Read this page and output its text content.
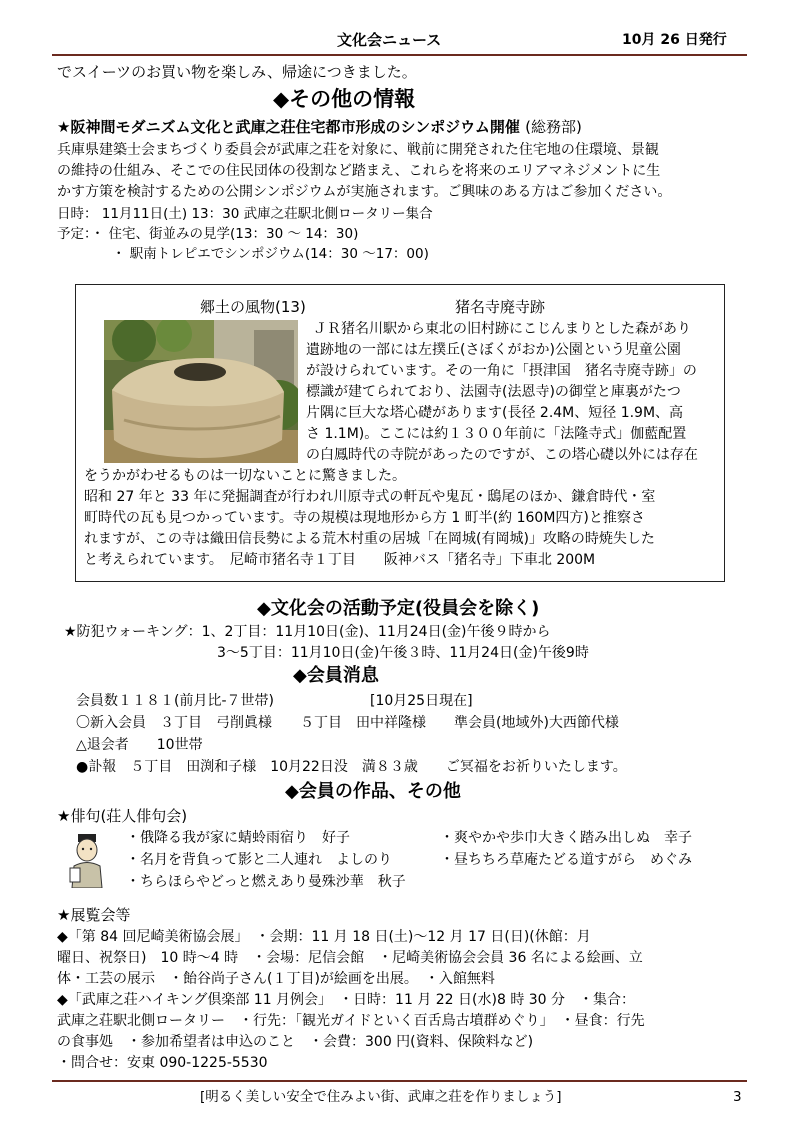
文化会ニュース	10月 26 日発行
でスイーツのお買い物を楽しみ、帰途につきました。
◆その他の情報
★阪神間モダニズム文化と武庫之荘住宅都市形成のシンポジウム開催 (総務部)
兵庫県建築士会まちづくり委員会が武庫之荘を対象に、戦前に開発された住宅地の住環境、景観
の維持の仕組み、そこでの住民団体の役割など踏まえ、これらを将来のエリアマネジメントに生
かす方策を検討するための公開シンポジウムが実施されます。ご興味のある方はご参加ください。
日時： 11月11日(土) 13：30 武庫之荘駅北側ロータリー集合
予定：・ 住宅、街並みの見学(13：30 ～ 14：30)
・ 駅南トレピエでシンポジウム(14：30 ～17：00)
郷土の風物(13)	猪名寺廃寺跡
ＪＲ猪名川駅から東北の旧村跡にこじんまりとした森があり
遺跡地の一部には左撲丘(さぼくがおか)公園という児童公園
が設けられています。その一角に「摂津国　猪名寺廃寺跡」の
標識が建てられており、法園寺(法恩寺)の御堂と庫裏がたつ
片隅に巨大な塔心礎があります(長径 2.4M、短径 1.9M、高
さ 1.1M)。ここには約１３００年前に「法隆寺式」伽藍配置
の白鳳時代の寺院があったのですが、この塔心礎以外には存在
をうかがわせるものは一切ないことに驚きました。
昭和 27 年と 33 年に発掘調査が行われ川原寺式の軒瓦や鬼瓦・鴟尾のほか、鎌倉時代・室
町時代の瓦も見つかっています。寺の規模は現地形から方 1 町半(約 160M四方)と推察さ
れますが、この寺は織田信長勢による荒木村重の居城「在岡城(有岡城)」攻略の時焼失した
と考えられています。　尼崎市猪名寺１丁目　　阪神バス「猪名寺」下車北 200M
◆文化会の活動予定(役員会を除く)
★防犯ウォーキング：1、2丁目：11月10日(金)、11月24日(金)午後９時から
3～5丁目：11月10日(金)午後３時、11月24日(金)午後9時
◆会員消息
会員数１１８１(前月比-７世帯)	[10月25日現在]
〇新入会員　３丁目　弓削眞様　　５丁目　田中祥隆様　　準会員(地域外)大西節代様
△退会者　　10世帯
●訃報　５丁目　田渕和子様　10月22日没　満８３歳　　ご冥福をお祈りいたします。
◆会員の作品、その他
★俳句(荘人俳句会)
・俄降る我が家に蜻蛉雨宿り　好子	・爽やかや歩巾大きく踏み出しぬ　幸子
・名月を背負って影と二人連れ　よしのり	・昼ちちろ草庵たどる道すがら　めぐみ
・ちらほらやどっと燃えあり曼殊沙華　秋子
★展覧会等
◆「第 84 回尼崎美術協会展」　・会期：11 月 18 日(土)～12 月 17 日(日)(休館：月
曜日、祝祭日)　10 時～4 時　・会場：尼信会館　・尼崎美術協会会員 36 名による絵画、立
体・工芸の展示　・飴谷尚子さん(１丁目)が絵画を出展。　・入館無料
◆「武庫之荘ハイキング倶楽部 11 月例会」　・日時：11 月 22 日(水)8 時 30 分　・集合：
武庫之荘駅北側ロータリー　・行先：「観光ガイドといく百舌鳥古墳群めぐり」　・昼食：行先
の食事処　・参加希望者は申込のこと　・会費：300 円(資料、保険料など)
・問合せ：安東 090-1225-5530
[明るく美しい安全で住みよい街、武庫之荘を作りましょう]	3
